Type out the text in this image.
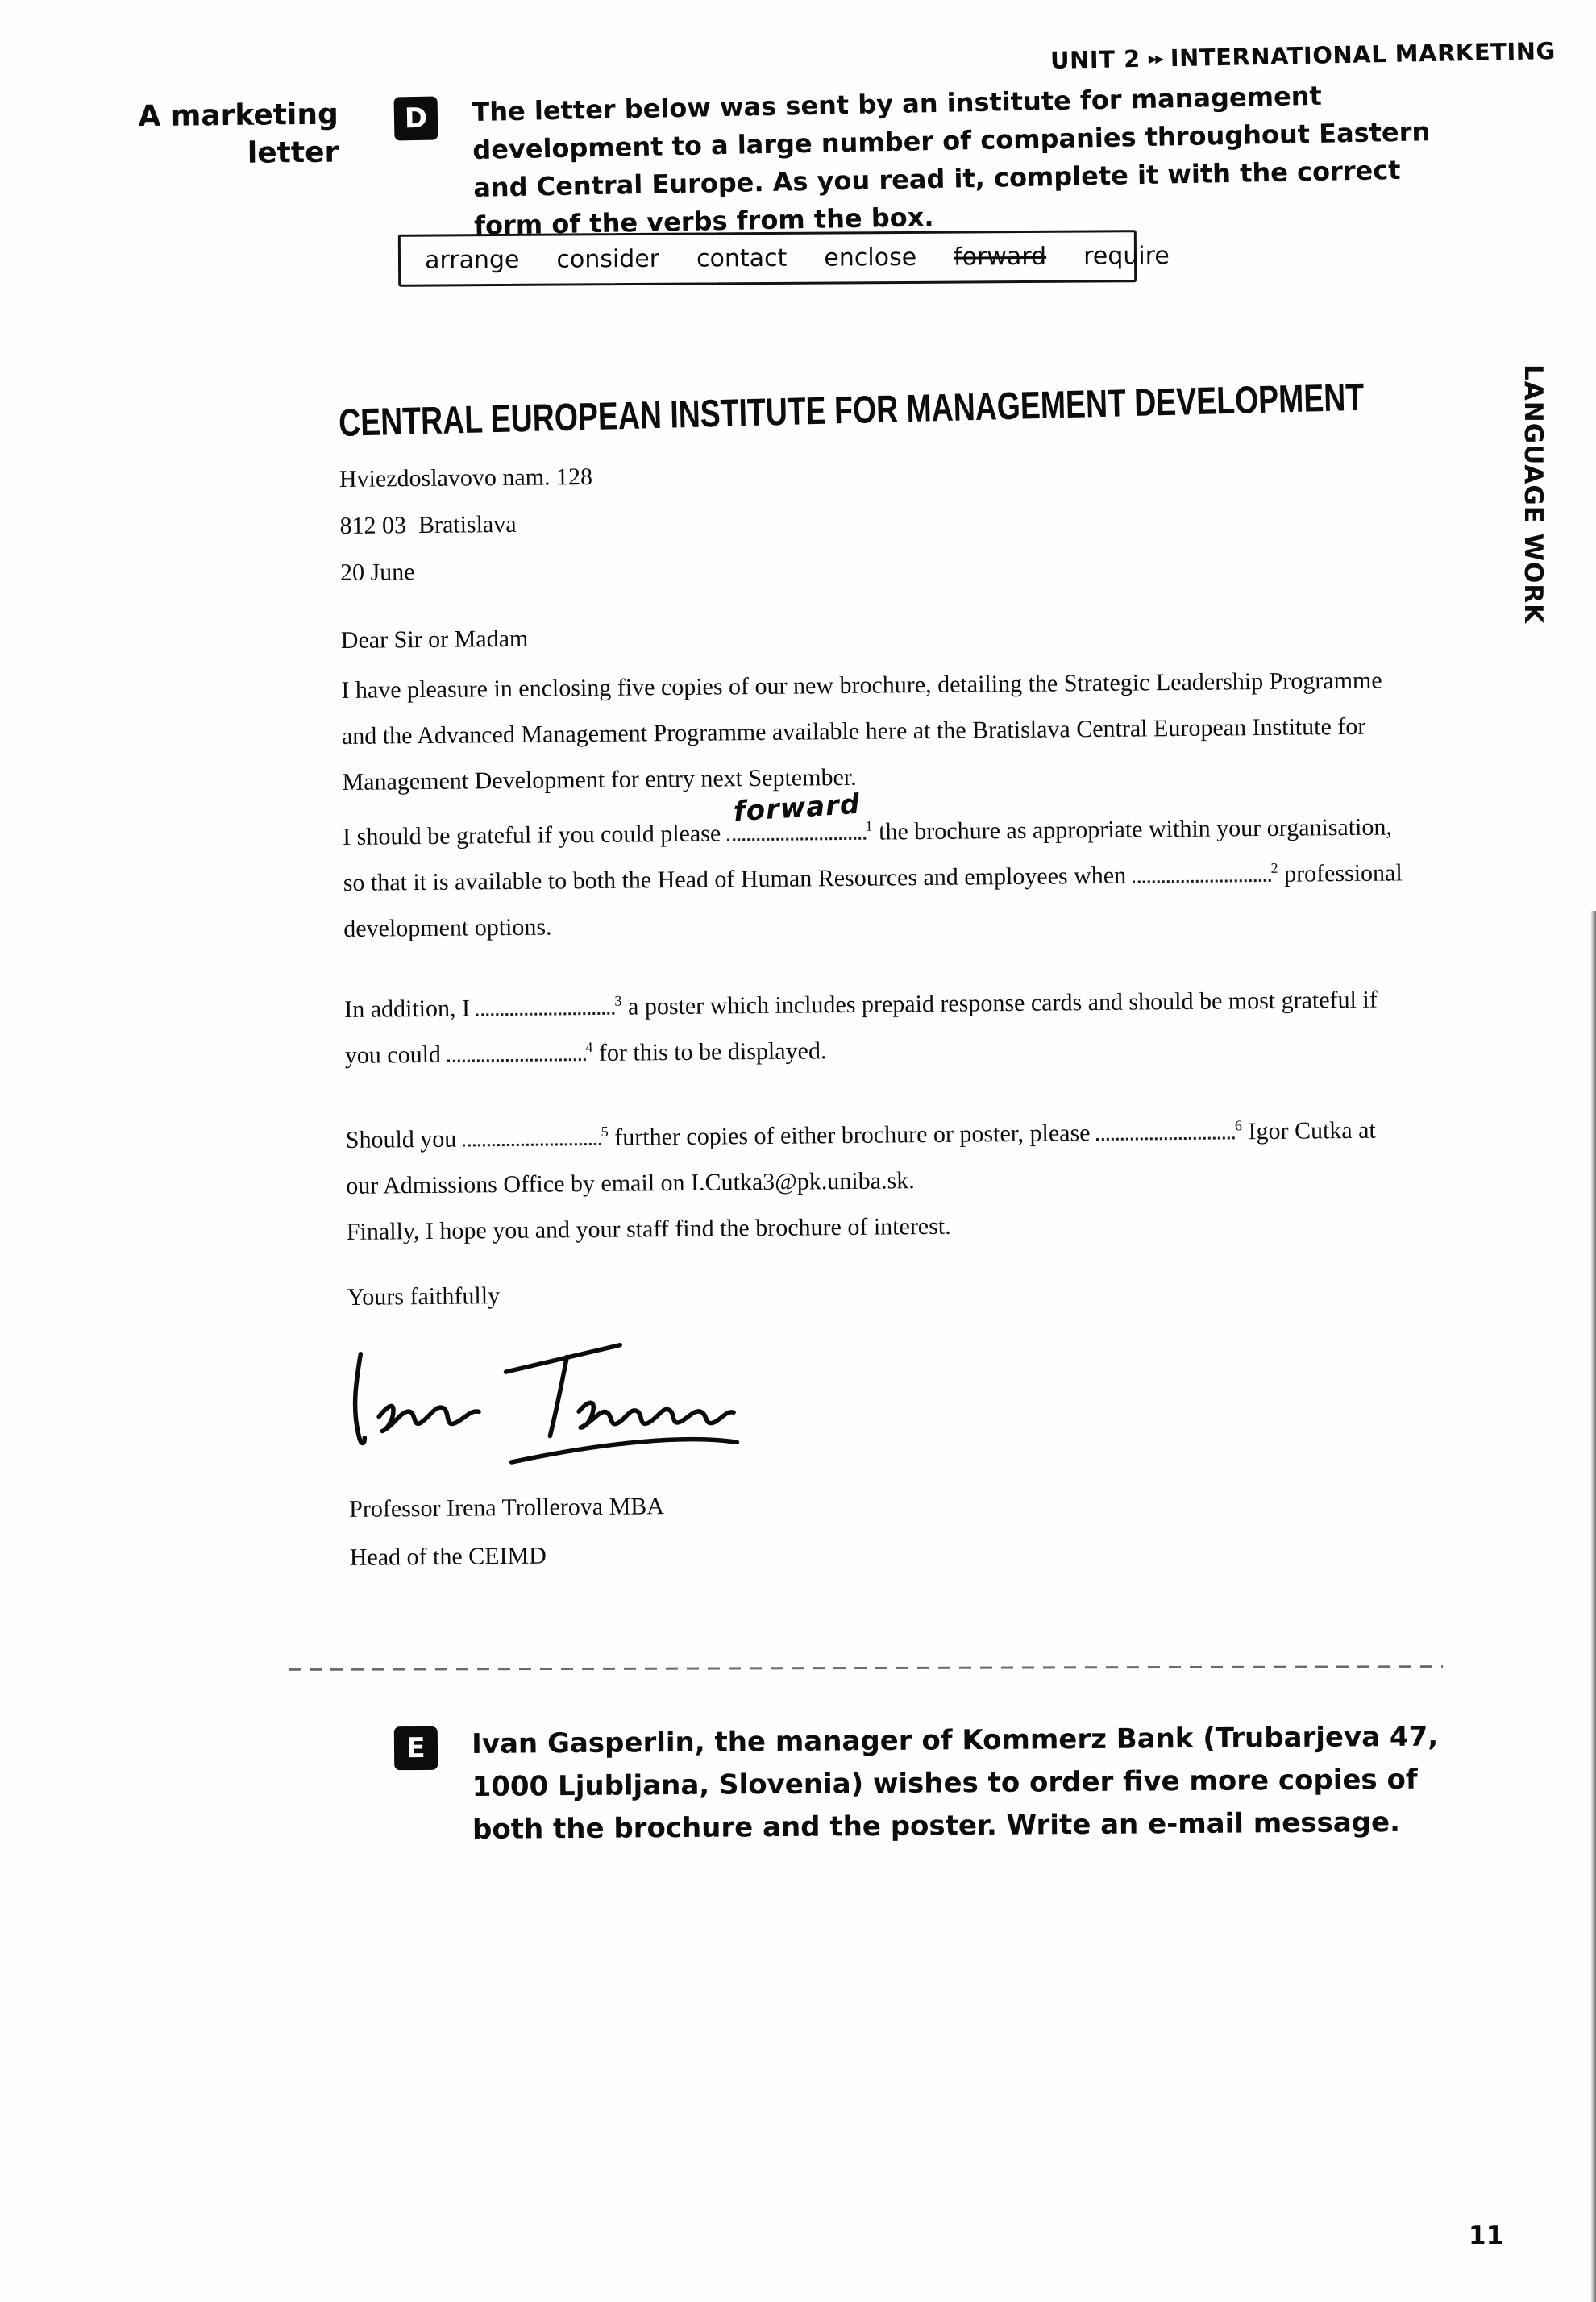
UNIT 2 ▸▸ INTERNATIONAL MARKETING
A marketing
letter
D The letter below was sent by an institute for management development to a large number of companies throughout Eastern and Central Europe. As you read it, complete it with the correct form of the verbs from the box.
arrange consider contact enclose forward require
LANGUAGE WORK
CENTRAL EUROPEAN INSTITUTE FOR MANAGEMENT DEVELOPMENT
Hviezdoslavovo nam. 128
812 03  Bratislava
20 June
Dear Sir or Madam
I have pleasure in enclosing five copies of our new brochure, detailing the Strategic Leadership Programme and the Advanced Management Programme available here at the Bratislava Central European Institute for Management Development for entry next September.
I should be grateful if you could please
forward $^1$ the brochure as appropriate within your organisation, so that it is available to both the Head of Human Resources and employees when	$^2$ professional development options.
In addition, I	$^3$ a poster which includes prepaid response cards and should be most grateful if you could	$^4$ for this to be displayed.
Should you	$^5$ further copies of either brochure or poster, please	$^6$ Igor Cutka at our Admissions Office by email on I.Cutka3@pk.uniba.sk.
Finally, I hope you and your staff find the brochure of interest.
Yours faithfully
Professor Irena Trollerova MBA
Head of the CEIMD
E Ivan Gasperlin, the manager of Kommerz Bank (Trubarjeva 47, 1000 Ljubljana, Slovenia) wishes to order five more copies of both the brochure and the poster. Write an e-mail message.
11
